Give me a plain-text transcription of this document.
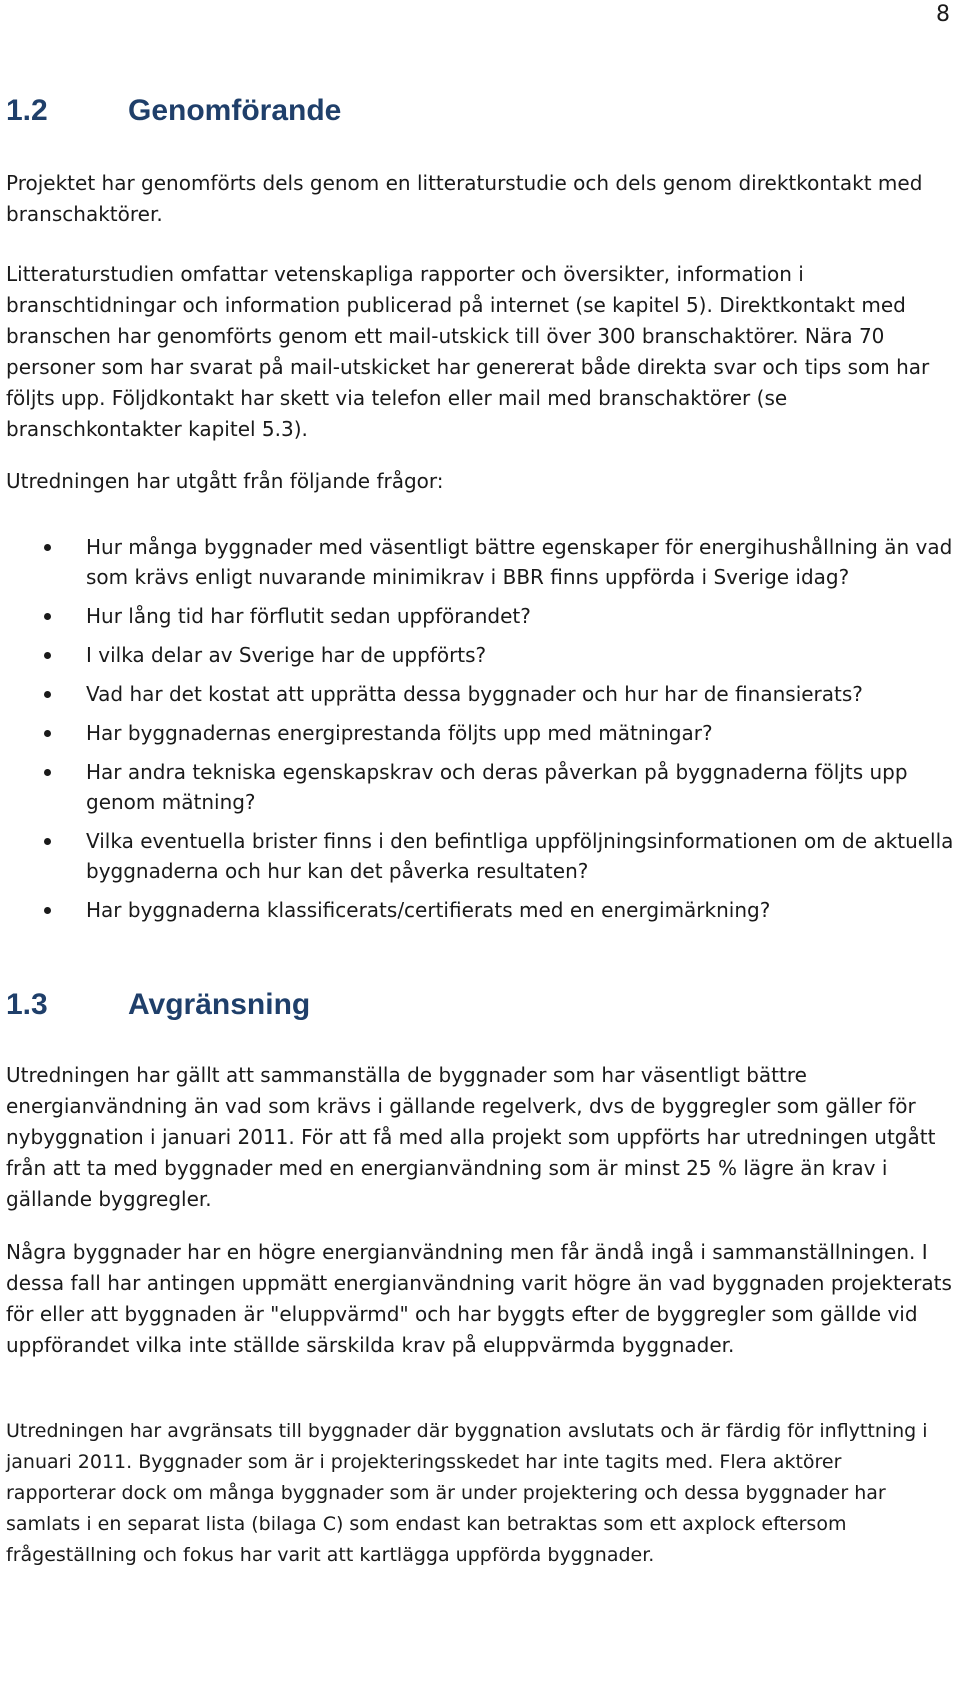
8
1.2	Genomförande

Projektet har genomförts dels genom en litteraturstudie och dels genom direktkontakt med branschaktörer.

Litteraturstudien omfattar vetenskapliga rapporter och översikter, information i branschtidningar och information publicerad på internet (se kapitel 5). Direktkontakt med branschen har genomförts genom ett mail-utskick till över 300 branschaktörer. Nära 70 personer som har svarat på mail-utskicket har genererat både direkta svar och tips som har följts upp. Följdkontakt har skett via telefon eller mail med branschaktörer (se branschkontakter kapitel 5.3).

Utredningen har utgått från följande frågor:

Hur många byggnader med väsentligt bättre egenskaper för energihushållning än vad som krävs enligt nuvarande minimikrav i BBR finns uppförda i Sverige idag?
Hur lång tid har förflutit sedan uppförandet?
I vilka delar av Sverige har de uppförts?
Vad har det kostat att upprätta dessa byggnader och hur har de finansierats?
Har byggnadernas energiprestanda följts upp med mätningar?
Har andra tekniska egenskapskrav och deras påverkan på byggnaderna följts upp genom mätning?
Vilka eventuella brister finns i den befintliga uppföljningsinformationen om de aktuella byggnaderna och hur kan det påverka resultaten?
Har byggnaderna klassificerats/certifierats med en energimärkning?
1.3	Avgränsning

Utredningen har gällt att sammanställa de byggnader som har väsentligt bättre energianvändning än vad som krävs i gällande regelverk, dvs de byggregler som gäller för nybyggnation i januari 2011. För att få med alla projekt som uppförts har utredningen utgått från att ta med byggnader med en energianvändning som är minst 25 % lägre än krav i gällande byggregler.

Några byggnader har en högre energianvändning men får ändå ingå i sammanställningen. I dessa fall har antingen uppmätt energianvändning varit högre än vad byggnaden projekterats för eller att byggnaden är "eluppvärmd" och har byggts efter de byggregler som gällde vid uppförandet vilka inte ställde särskilda krav på eluppvärmda byggnader.

Utredningen har avgränsats till byggnader där byggnation avslutats och är färdig för inflyttning i januari 2011. Byggnader som är i projekteringsskedet har inte tagits med. Flera aktörer rapporterar dock om många byggnader som är under projektering och dessa byggnader har samlats i en separat lista (bilaga C) som endast kan betraktas som ett axplock eftersom frågeställning och fokus har varit att kartlägga uppförda byggnader.
